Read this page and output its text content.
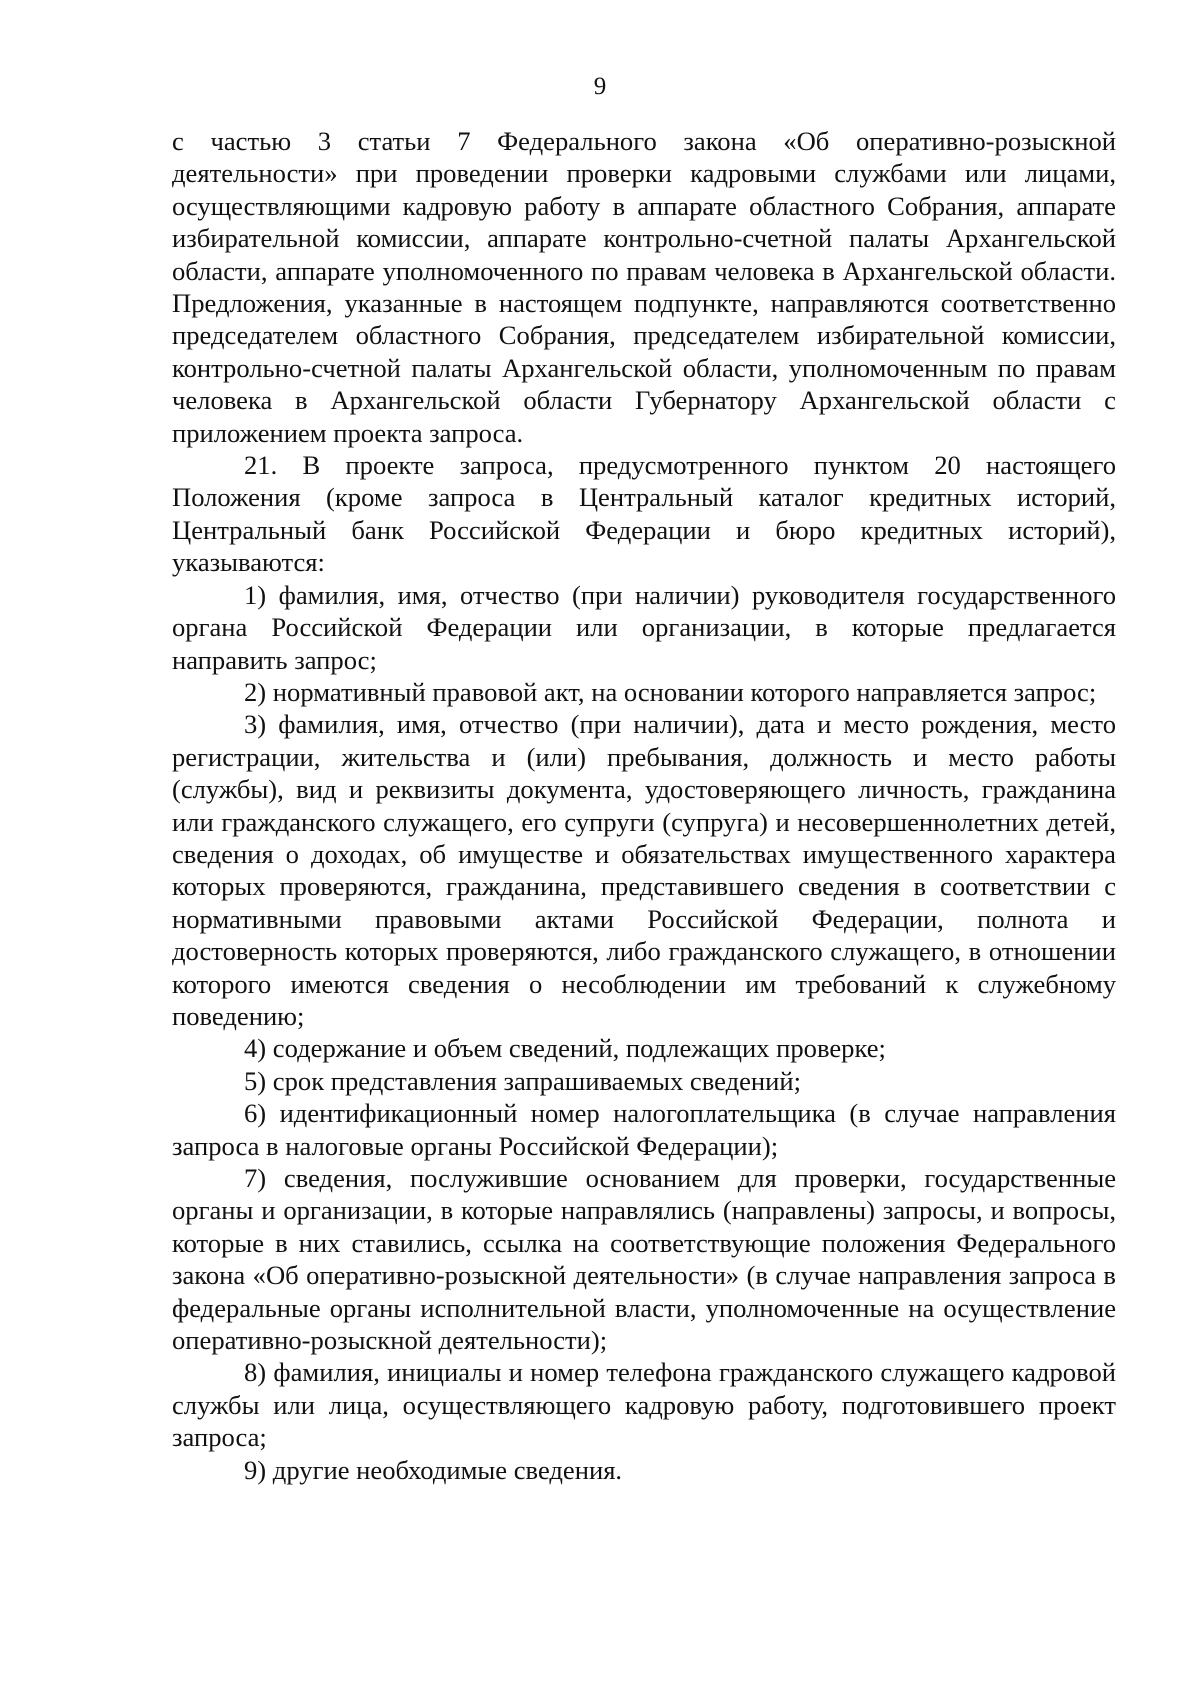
9

с частью 3 статьи 7 Федерального закона «Об оперативно-розыскной деятельности» при проведении проверки кадровыми службами или лицами, осуществляющими кадровую работу в аппарате областного Собрания, аппарате избирательной комиссии, аппарате контрольно-счетной палаты Архангельской области, аппарате уполномоченного по правам человека в Архангельской области. Предложения, указанные в настоящем подпункте, направляются соответственно председателем областного Собрания, председателем избирательной комиссии, контрольно-счетной палаты Архангельской области, уполномоченным по правам человека в Архангельской области Губернатору Архангельской области с приложением проекта запроса.

21. В проекте запроса, предусмотренного пунктом 20 настоящего Положения (кроме запроса в Центральный каталог кредитных историй, Центральный банк Российской Федерации и бюро кредитных историй), указываются:

1) фамилия, имя, отчество (при наличии) руководителя государственного органа Российской Федерации или организации, в которые предлагается направить запрос;

2) нормативный правовой акт, на основании которого направляется запрос;

3) фамилия, имя, отчество (при наличии), дата и место рождения, место регистрации, жительства и (или) пребывания, должность и место работы (службы), вид и реквизиты документа, удостоверяющего личность, гражданина или гражданского служащего, его супруги (супруга) и несовершеннолетних детей, сведения о доходах, об имуществе и обязательствах имущественного характера которых проверяются, гражданина, представившего сведения в соответствии с нормативными правовыми актами Российской Федерации, полнота и достоверность которых проверяются, либо гражданского служащего, в отношении которого имеются сведения о несоблюдении им требований к служебному поведению;

4) содержание и объем сведений, подлежащих проверке;

5) срок представления запрашиваемых сведений;

6) идентификационный номер налогоплательщика (в случае направления запроса в налоговые органы Российской Федерации);

7) сведения, послужившие основанием для проверки, государственные органы и организации, в которые направлялись (направлены) запросы, и вопросы, которые в них ставились, ссылка на соответствующие положения Федерального закона «Об оперативно-розыскной деятельности» (в случае направления запроса в федеральные органы исполнительной власти, уполномоченные на осуществление оперативно-розыскной деятельности);

8) фамилия, инициалы и номер телефона гражданского служащего кадровой службы или лица, осуществляющего кадровую работу, подготовившего проект запроса;

9) другие необходимые сведения.
